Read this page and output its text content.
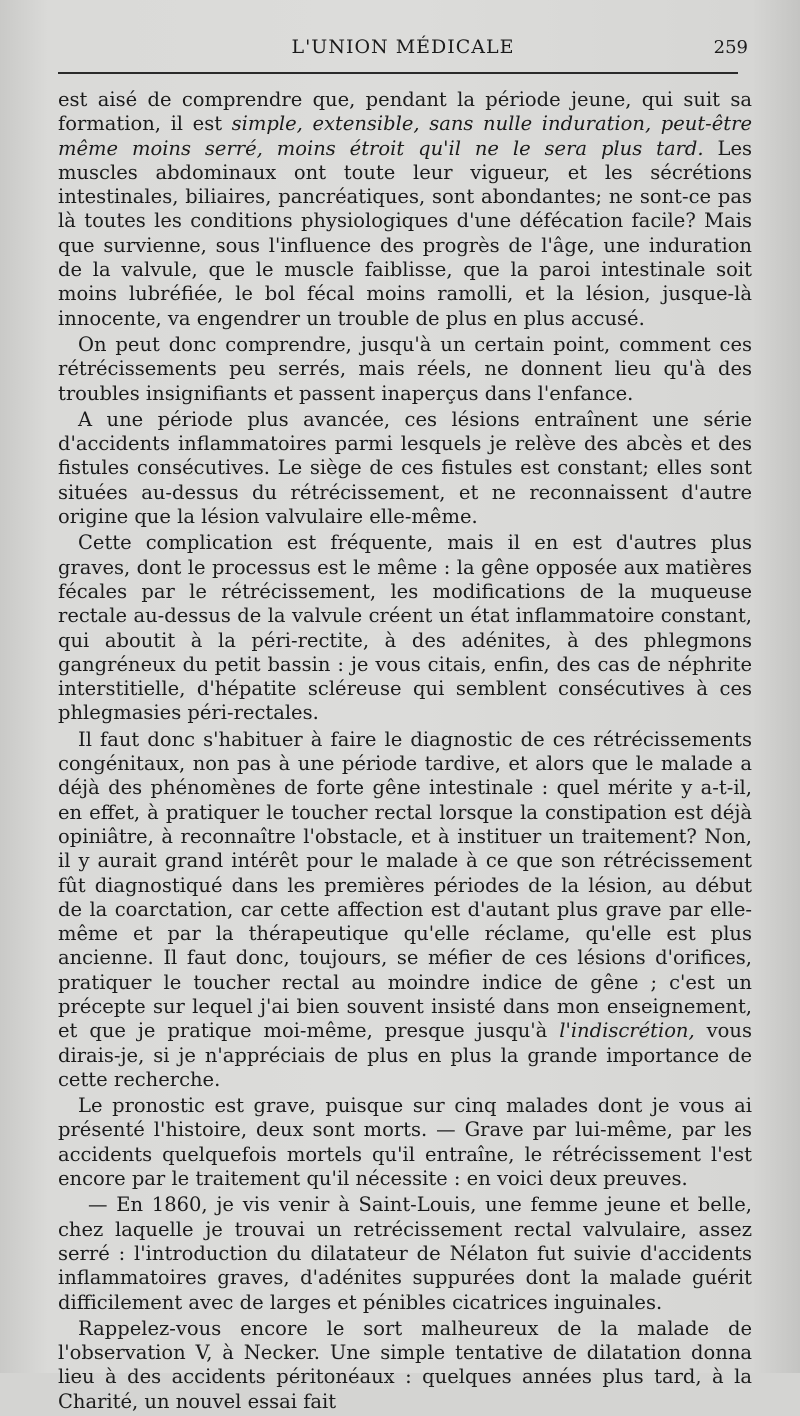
L'UNION MÉDICALE	259

est aisé de comprendre que, pendant la période jeune, qui suit sa formation, il est simple, extensible, sans nulle induration, peut-être même moins serré, moins étroit qu'il ne le sera plus tard. Les muscles abdominaux ont toute leur vigueur, et les sécrétions intestinales, biliaires, pancréatiques, sont abondantes; ne sont-ce pas là toutes les conditions physiologiques d'une défécation facile? Mais que survienne, sous l'influence des progrès de l'âge, une induration de la valvule, que le muscle faiblisse, que la paroi intestinale soit moins lubréfiée, le bol fécal moins ramolli, et la lésion, jusque-là innocente, va engendrer un trouble de plus en plus accusé.

On peut donc comprendre, jusqu'à un certain point, comment ces rétrécissements peu serrés, mais réels, ne donnent lieu qu'à des troubles insignifiants et passent inaperçus dans l'enfance.

A une période plus avancée, ces lésions entraînent une série d'accidents inflammatoires parmi lesquels je relève des abcès et des fistules consécutives. Le siège de ces fistules est constant; elles sont situées au-dessus du rétrécissement, et ne reconnaissent d'autre origine que la lésion valvulaire elle-même.

Cette complication est fréquente, mais il en est d'autres plus graves, dont le processus est le même : la gêne opposée aux matières fécales par le rétrécissement, les modifications de la muqueuse rectale au-dessus de la valvule créent un état inflammatoire constant, qui aboutit à la péri-rectite, à des adénites, à des phlegmons gangréneux du petit bassin : je vous citais, enfin, des cas de néphrite interstitielle, d'hépatite scléreuse qui semblent consécutives à ces phlegmasies péri-rectales.

Il faut donc s'habituer à faire le diagnostic de ces rétrécissements congénitaux, non pas à une période tardive, et alors que le malade a déjà des phénomènes de forte gêne intestinale : quel mérite y a-t-il, en effet, à pratiquer le toucher rectal lorsque la constipation est déjà opiniâtre, à reconnaître l'obstacle, et à instituer un traitement? Non, il y aurait grand intérêt pour le malade à ce que son rétrécissement fût diagnostiqué dans les premières périodes de la lésion, au début de la coarctation, car cette affection est d'autant plus grave par elle-même et par la thérapeutique qu'elle réclame, qu'elle est plus ancienne. Il faut donc, toujours, se méfier de ces lésions d'orifices, pratiquer le toucher rectal au moindre indice de gêne ; c'est un précepte sur lequel j'ai bien souvent insisté dans mon enseignement, et que je pratique moi-même, presque jusqu'à l'indiscrétion, vous dirais-je, si je n'appréciais de plus en plus la grande importance de cette recherche.

Le pronostic est grave, puisque sur cinq malades dont je vous ai présenté l'histoire, deux sont morts. — Grave par lui-même, par les accidents quelquefois mortels qu'il entraîne, le rétrécissement l'est encore par le traitement qu'il nécessite : en voici deux preuves.

— En 1860, je vis venir à Saint-Louis, une femme jeune et belle, chez laquelle je trouvai un retrécissement rectal valvulaire, assez serré : l'introduction du dilatateur de Nélaton fut suivie d'accidents inflammatoires graves, d'adénites suppurées dont la malade guérit difficilement avec de larges et pénibles cicatrices inguinales.

Rappelez-vous encore le sort malheureux de la malade de l'observation V, à Necker. Une simple tentative de dilatation donna lieu à des accidents péritonéaux : quelques années plus tard, à la Charité, un nouvel essai fait
